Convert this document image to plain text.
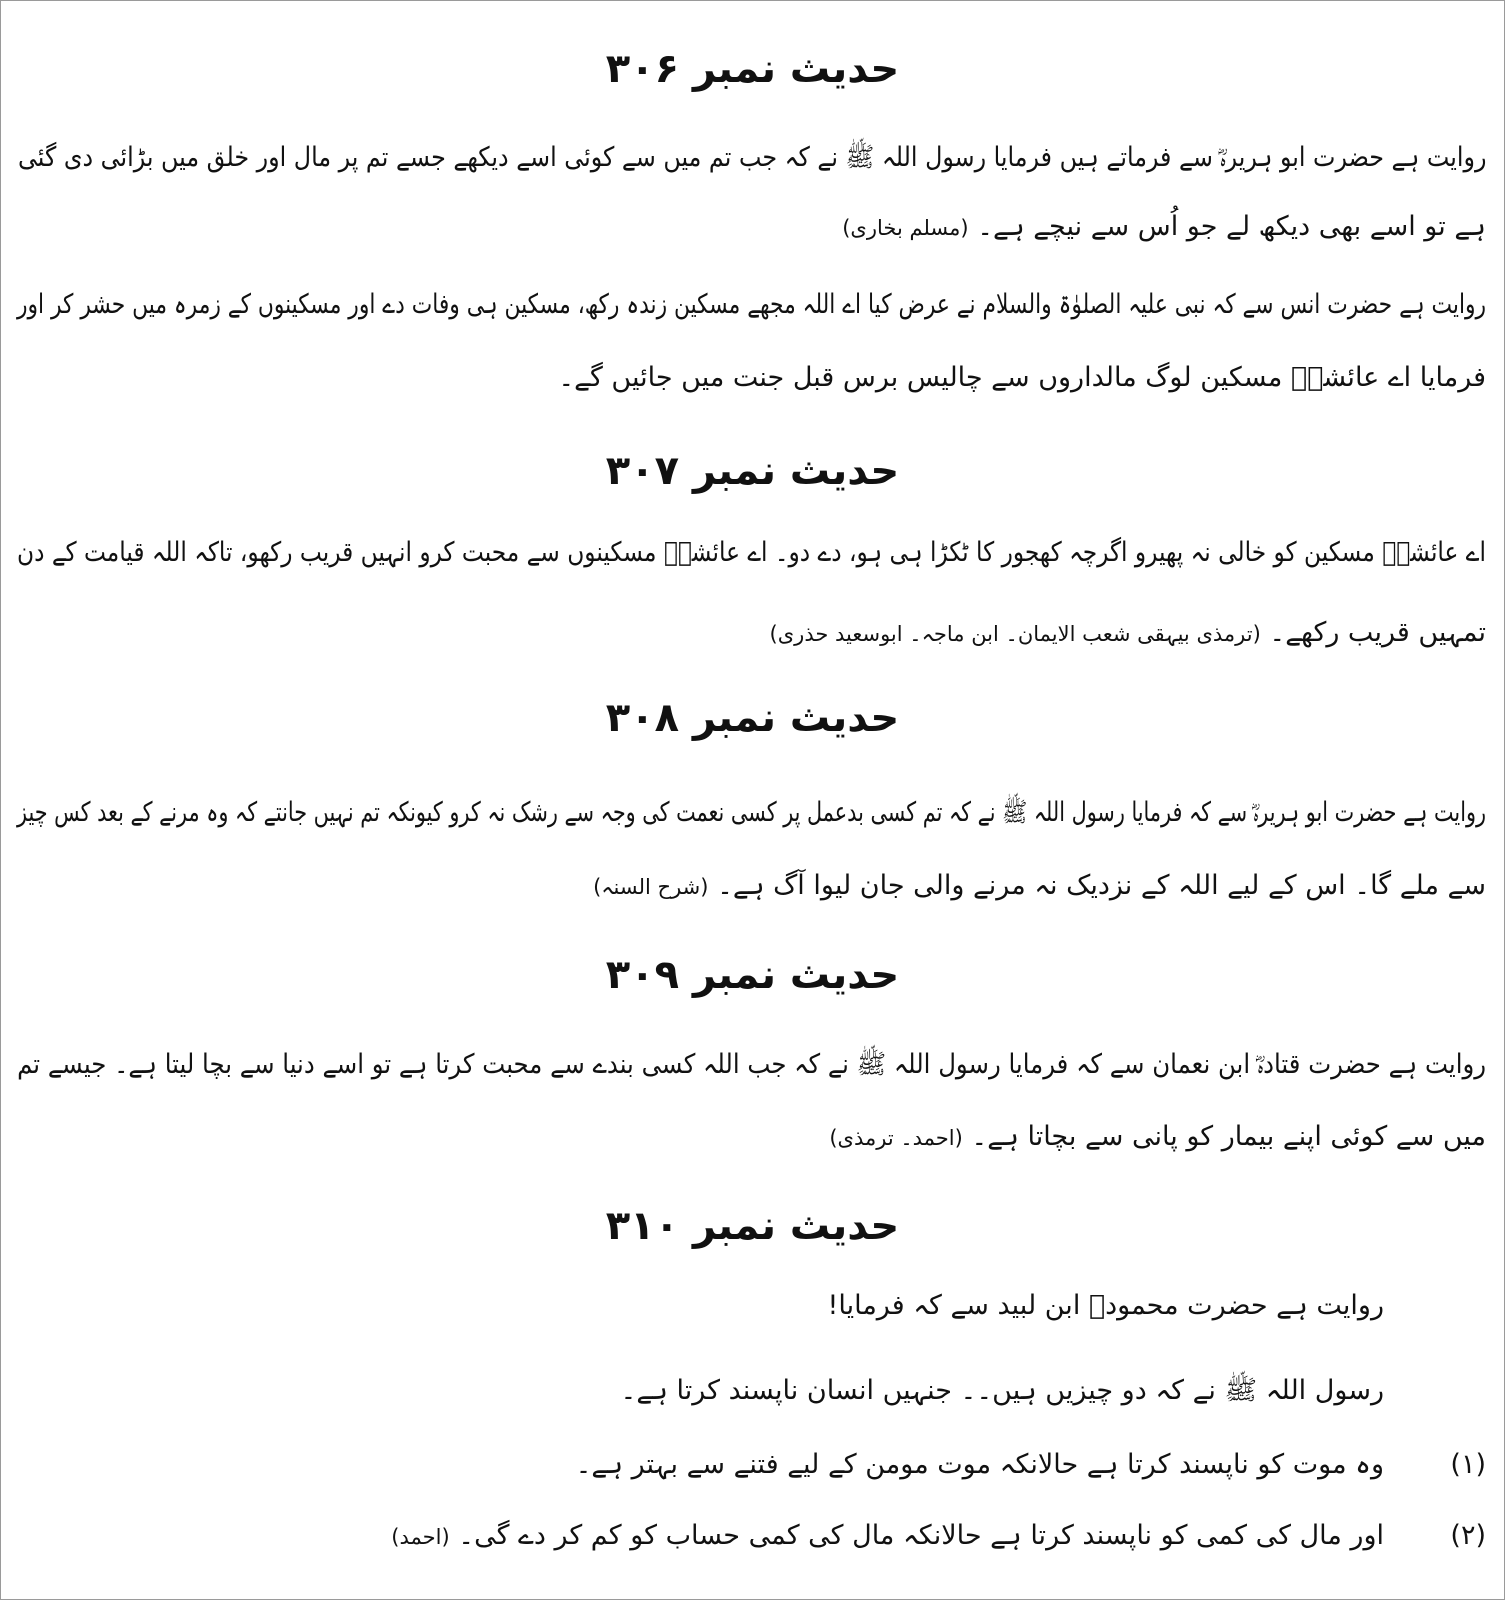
حدیث نمبر ۳۰۶
روایت ہے حضرت ابو ہریرہؓ سے فرماتے ہیں فرمایا رسول اللہ ﷺ نے کہ جب تم میں سے کوئی اسے دیکھے جسے تم پر مال اور خلق میں بڑائی دی گئی
ہے تو اسے بھی دیکھ لے جو اُس سے نیچے ہے۔ (مسلم بخاری)
روایت ہے حضرت انس سے کہ نبی علیہ الصلوٰۃ والسلام نے عرض کیا اے اللہ مجھے مسکین زندہ رکھ، مسکین ہی وفات دے اور مسکینوں کے زمرہ میں حشر کر اور
فرمایا اے عائشہؓ مسکین لوگ مالداروں سے چالیس برس قبل جنت میں جائیں گے۔
حدیث نمبر ۳۰۷
اے عائشہؓ مسکین کو خالی نہ پھیرو اگرچہ کھجور کا ٹکڑا ہی ہو، دے دو۔ اے عائشہؓ مسکینوں سے محبت کرو انہیں قریب رکھو، تاکہ اللہ قیامت کے دن
تمہیں قریب رکھے۔ (ترمذی بیہقی شعب الایمان۔ ابن ماجہ۔ ابوسعید حذری)
حدیث نمبر ۳۰۸
روایت ہے حضرت ابو ہریرہؓ سے کہ فرمایا رسول اللہ ﷺ نے کہ تم کسی بدعمل پر کسی نعمت کی وجہ سے رشک نہ کرو کیونکہ تم نہیں جانتے کہ وہ مرنے کے بعد کس چیز
سے ملے گا۔ اس کے لیے اللہ کے نزدیک نہ مرنے والی جان لیوا آگ ہے۔ (شرح السنہ)
حدیث نمبر ۳۰۹
روایت ہے حضرت قتادہؓ ابن نعمان سے کہ فرمایا رسول اللہ ﷺ نے کہ جب اللہ کسی بندے سے محبت کرتا ہے تو اسے دنیا سے بچا لیتا ہے۔ جیسے تم
میں سے کوئی اپنے بیمار کو پانی سے بچاتا ہے۔ (احمد۔ ترمذی)
حدیث نمبر ۳۱۰
روایت ہے حضرت محمودؓ ابن لبید سے کہ فرمایا!
رسول اللہ ﷺ نے کہ دو چیزیں ہیں۔۔ جنہیں انسان ناپسند کرتا ہے۔
(۱)
وہ موت کو ناپسند کرتا ہے حالانکہ موت مومن کے لیے فتنے سے بہتر ہے۔
(۲)
اور مال کی کمی کو ناپسند کرتا ہے حالانکہ مال کی کمی حساب کو کم کر دے گی۔ (احمد)
